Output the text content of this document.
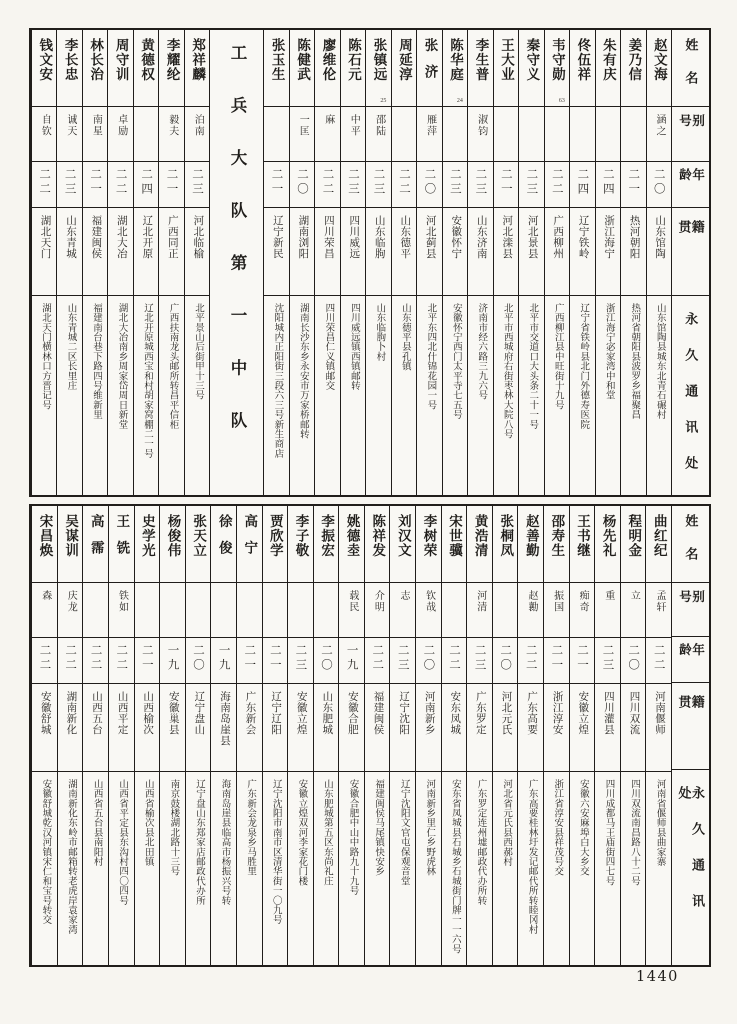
姓名
别号
年龄
籍贯
永久通讯处
赵文海
涵之
二〇
山东馆陶
山东馆陶县城东北青石碾村
姜乃信
二一
热河朝阳
热河省朝阳县波罗乡福聚昌
朱有庆
二四
浙江海宁
浙江海宁宓家湾中和堂
佟伍祥
二四
辽宁铁岭
辽宁省铁岭县北门外德寿医院
韦守勋
63
二二
广西柳州
广西柳江县中旺街十九号
秦守义
二三
河北景县
北平市交道口大头条二十一号
王大业
二一
河北滦县
北平市西城府右街枣林大院八号
李生普
淑钧
二三
山东济南
济南市经六路三九六号
陈华庭
24
二三
安徽怀宁
安徽怀宁西门太平寺七五号
张济
雁萍
二〇
河北蓟县
北平东四北什锦花园一号
周延淳
二二
山东德平
山东德平县孔镇
张镇远
25
邵陆
二三
山东临朐
山东临朐卜村
陈石元
中平
二三
四川威远
四川威远镇西镇邮转
廖维伦
麻
二二
四川荣昌
四川荣昌仁义镇邮交
陈健武
一匡
二〇
湖南浏阳
湖南长沙东乡永安市万家桥邮转
张玉生
二一
辽宁新民
沈阳城内正阳街三段六三号新生商店
工兵大队第一中队
郑祥麟
泊南
二三
河北临榆
北平景山后街甲十三号
李耀纶
毅夫
二一
广西同正
广西扶南龙头邮所转昌平信柜
黄德权
二四
辽北开原
辽北开原城西宝和村胡家窝棚二一号
周守训
卓励
二二
湖北大冶
湖北大冶南乡周家岱周日新堂
林长治
南星
二一
福建闽侯
福建南台巷下路四号维新里
李长忠
诚天
二三
山东青城
山东青城二区长里庄
钱文安
自钦
二二
湖北天门
湖北天门横林口方晋记号
姓名
别号
年龄
籍贯
永久通讯处
曲红纪
孟轩
二二
河南偃师
河南省偃师县曲家寨
程明金
立
二〇
四川双流
四川双流南昌路八十二号
杨先礼
重
二三
四川灌县
四川成都马王庙街四七号
王书继
痴奇
二一
安徽立煌
安徽六安麻埠白大乡交
邵寿生
振国
二一
浙江淳安
浙江省淳安县祥茂号交
赵善勤
赵勷
二二
广东高要
广东高要桂林圩发记邮代所转睦冈村
张桐凤
二〇
河北元氏
河北省元氏县西郝村
黄浩清
河清
二三
广东罗定
广东罗定连州墟邮政代办所转
宋世骥
二二
安东凤城
安东省凤城县石城乡石城街门牌一一六号
李树荣
钦哉
二〇
河南新乡
河南新乡里仁乡野虎林
刘汉文
志
二三
辽宁沈阳
辽宁沈阳文官屯保观音堂
陈祥发
介明
二二
福建闽侯
福建闽侯马尾镇快安乡
姚德坴
载民
一九
安徽合肥
安徽合肥中山中路九十九号
李振宏
二〇
山东肥城
山东肥城第五区东尚礼庄
李子敬
二三
安徽立煌
安徽立煌双河李家花门楼
贾欣学
二一
辽宁辽阳
辽宁沈阳市南市区清华街一〇九号
高宁
二一
广东新会
广东新会龙泉乡马胜里
徐俊
一九
海南岛崖县
海南岛崖县临高市杨振兴号转
张天立
二〇
辽宁盘山
辽宁盘山东郑家店邮政代办所
杨俊伟
一九
安徽巢县
南京鼓楼湖北路十三号
史学光
二一
山西榆次
山西省榆次县北田镇
王铣
铁如
二二
山西平定
山西省平定县东沟村四〇四号
高霈
二二
山西五台
山西省五台县南阳村
吴谋训
庆龙
二二
湖南新化
湖南新化东岭市邮箱转老虎岸袁家湾
宋昌焕
森
二二
安徽舒城
安徽舒城乾汉河镇宋仁和宝号转交
1440
